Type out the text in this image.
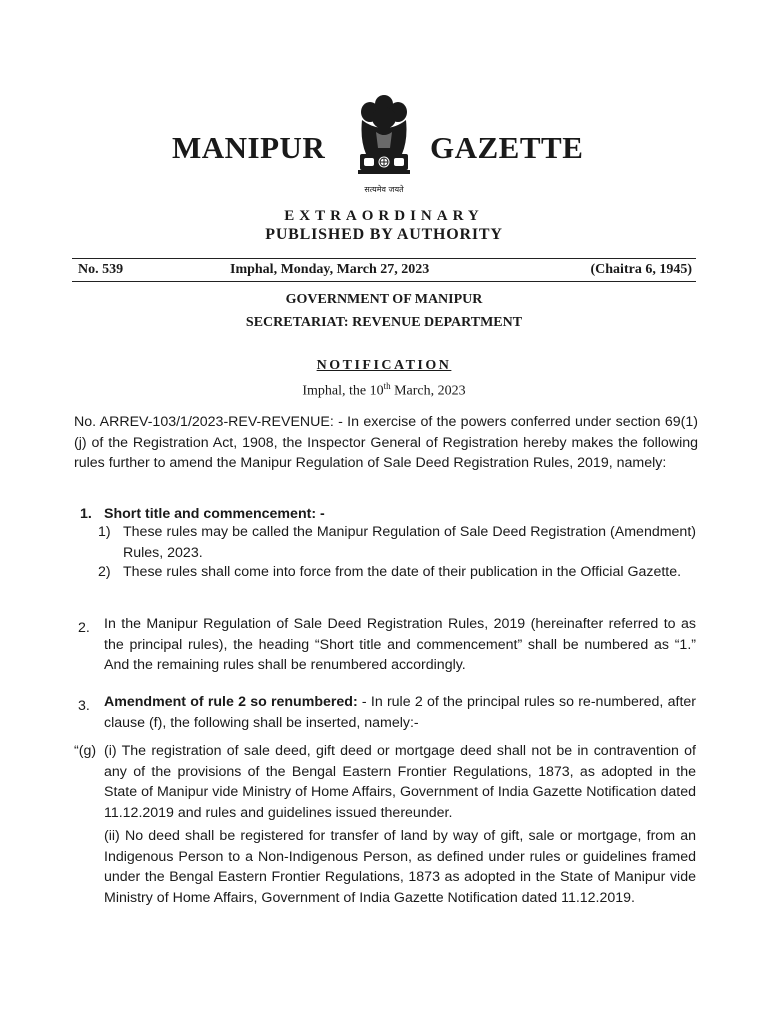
MANIPUR
सत्यमेव जयते
GAZETTE
EXTRAORDINARY
PUBLISHED BY AUTHORITY
No. 539	Imphal, Monday, March 27, 2023	(Chaitra 6, 1945)
GOVERNMENT OF MANIPUR
SECRETARIAT: REVENUE DEPARTMENT
NOTIFICATION
Imphal, the 10th March, 2023
No. ARREV-103/1/2023-REV-REVENUE: - In exercise of the powers conferred under section 69(1)(j) of the Registration Act, 1908, the Inspector General of Registration hereby makes the following rules further to amend the Manipur Regulation of Sale Deed Registration Rules, 2019, namely:
1. Short title and commencement: -
1) These rules may be called the Manipur Regulation of Sale Deed Registration (Amendment) Rules, 2023.
2) These rules shall come into force from the date of their publication in the Official Gazette.
2. In the Manipur Regulation of Sale Deed Registration Rules, 2019 (hereinafter referred to as the principal rules), the heading “Short title and commencement” shall be numbered as “1.” And the remaining rules shall be renumbered accordingly.
3. Amendment of rule 2 so renumbered: - In rule 2 of the principal rules so re-numbered, after clause (f), the following shall be inserted, namely:-
“(g) (i) The registration of sale deed, gift deed or mortgage deed shall not be in contravention of any of the provisions of the Bengal Eastern Frontier Regulations, 1873, as adopted in the State of Manipur vide Ministry of Home Affairs, Government of India Gazette Notification dated 11.12.2019 and rules and guidelines issued thereunder.
(ii) No deed shall be registered for transfer of land by way of gift, sale or mortgage, from an Indigenous Person to a Non-Indigenous Person, as defined under rules or guidelines framed under the Bengal Eastern Frontier Regulations, 1873 as adopted in the State of Manipur vide Ministry of Home Affairs, Government of India Gazette Notification dated 11.12.2019.
